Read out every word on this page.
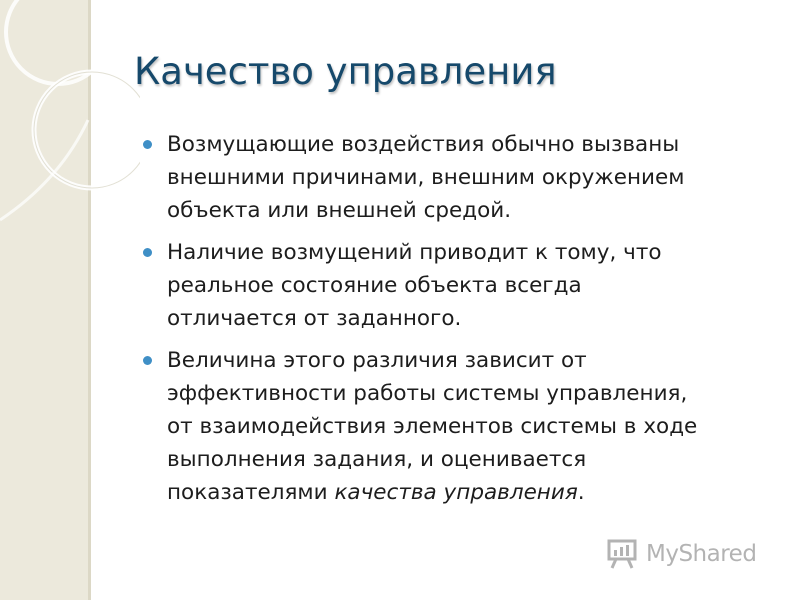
Качество управления
Возмущающие воздействия обычно вызваны
внешними причинами, внешним окружением
объекта или внешней средой.
Наличие возмущений приводит к тому, что
реальное состояние объекта всегда
отличается от заданного.
Величина этого различия зависит от
эффективности работы системы управления,
от взаимодействия элементов системы в ходе
выполнения задания, и оценивается
показателями качества управления.
MyShared
